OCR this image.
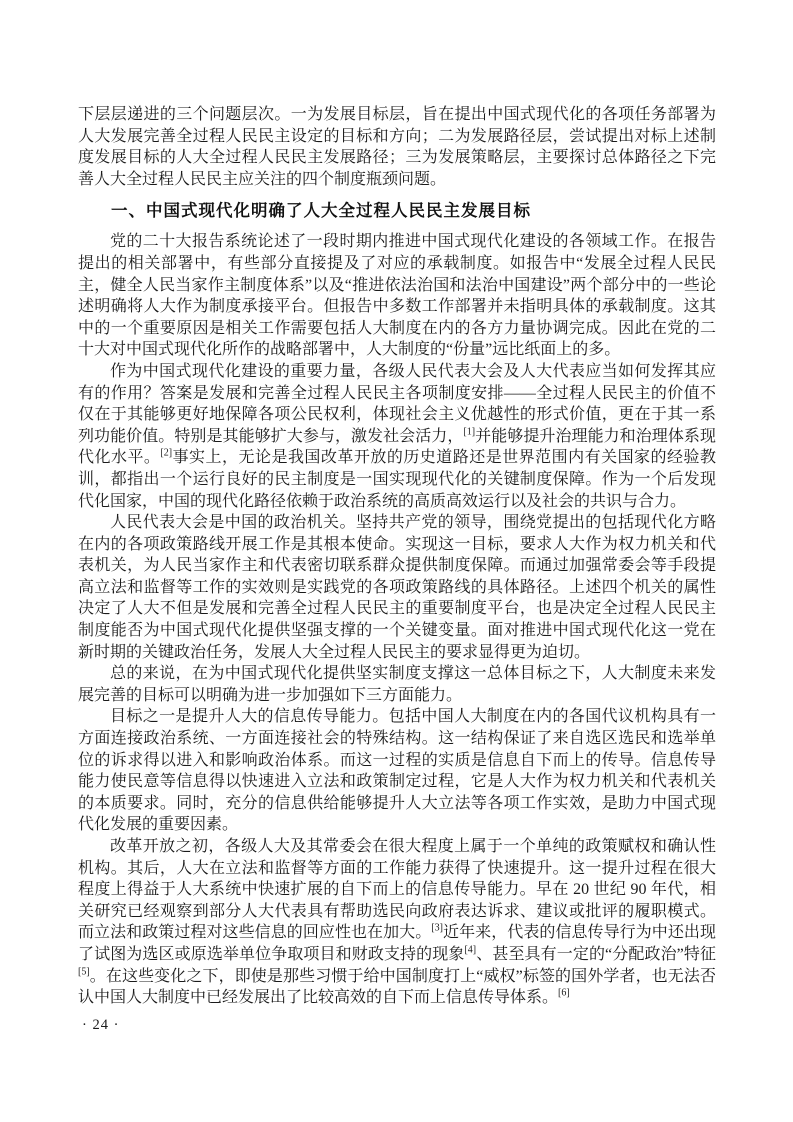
下层层递进的三个问题层次。一为发展目标层，旨在提出中国式现代化的各项任务部署为人大发展完善全过程人民民主设定的目标和方向；二为发展路径层，尝试提出对标上述制度发展目标的人大全过程人民民主发展路径；三为发展策略层，主要探讨总体路径之下完善人大全过程人民民主应关注的四个制度瓶颈问题。

一、中国式现代化明确了人大全过程人民民主发展目标

党的二十大报告系统论述了一段时期内推进中国式现代化建设的各领域工作。在报告提出的相关部署中，有些部分直接提及了对应的承载制度。如报告中“发展全过程人民民主，健全人民当家作主制度体系”以及“推进依法治国和法治中国建设”两个部分中的一些论述明确将人大作为制度承接平台。但报告中多数工作部署并未指明具体的承载制度。这其中的一个重要原因是相关工作需要包括人大制度在内的各方力量协调完成。因此在党的二十大对中国式现代化所作的战略部署中，人大制度的“份量”远比纸面上的多。

作为中国式现代化建设的重要力量，各级人民代表大会及人大代表应当如何发挥其应有的作用？答案是发展和完善全过程人民民主各项制度安排——全过程人民民主的价值不仅在于其能够更好地保障各项公民权利，体现社会主义优越性的形式价值，更在于其一系列功能价值。特别是其能够扩大参与，激发社会活力，[1]并能够提升治理能力和治理体系现代化水平。[2]事实上，无论是我国改革开放的历史道路还是世界范围内有关国家的经验教训，都指出一个运行良好的民主制度是一国实现现代化的关键制度保障。作为一个后发现代化国家，中国的现代化路径依赖于政治系统的高质高效运行以及社会的共识与合力。

人民代表大会是中国的政治机关。坚持共产党的领导，围绕党提出的包括现代化方略在内的各项政策路线开展工作是其根本使命。实现这一目标，要求人大作为权力机关和代表机关，为人民当家作主和代表密切联系群众提供制度保障。而通过加强常委会等手段提高立法和监督等工作的实效则是实践党的各项政策路线的具体路径。上述四个机关的属性决定了人大不但是发展和完善全过程人民民主的重要制度平台，也是决定全过程人民民主制度能否为中国式现代化提供坚强支撑的一个关键变量。面对推进中国式现代化这一党在新时期的关键政治任务，发展人大全过程人民民主的要求显得更为迫切。

总的来说，在为中国式现代化提供坚实制度支撑这一总体目标之下，人大制度未来发展完善的目标可以明确为进一步加强如下三方面能力。

目标之一是提升人大的信息传导能力。包括中国人大制度在内的各国代议机构具有一方面连接政治系统、一方面连接社会的特殊结构。这一结构保证了来自选区选民和选举单位的诉求得以进入和影响政治体系。而这一过程的实质是信息自下而上的传导。信息传导能力使民意等信息得以快速进入立法和政策制定过程，它是人大作为权力机关和代表机关的本质要求。同时，充分的信息供给能够提升人大立法等各项工作实效，是助力中国式现代化发展的重要因素。

改革开放之初，各级人大及其常委会在很大程度上属于一个单纯的政策赋权和确认性机构。其后，人大在立法和监督等方面的工作能力获得了快速提升。这一提升过程在很大程度上得益于人大系统中快速扩展的自下而上的信息传导能力。早在 20 世纪 90 年代，相关研究已经观察到部分人大代表具有帮助选民向政府表达诉求、建议或批评的履职模式。而立法和政策过程对这些信息的回应性也在加大。[3]近年来，代表的信息传导行为中还出现了试图为选区或原选举单位争取项目和财政支持的现象[4]、甚至具有一定的“分配政治”特征[5]。在这些变化之下，即使是那些习惯于给中国制度打上“威权”标签的国外学者，也无法否认中国人大制度中已经发展出了比较高效的自下而上信息传导体系。[6]

· 24 ·
